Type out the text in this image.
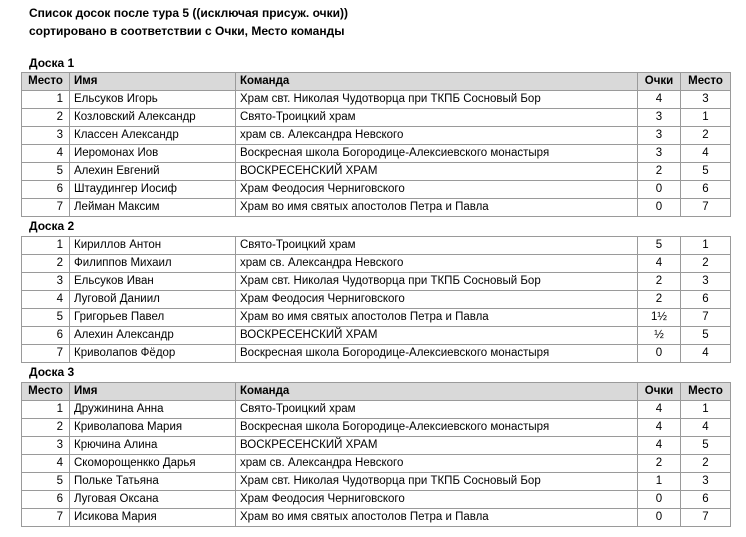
Список досок после тура 5 ((исключая присуж. очки))
сортировано в соответствии с Очки, Место команды
Доска 1
Место	Имя	Команда	Очки	Место
1	Ельсуков Игорь	Храм свт. Николая Чудотворца при ТКПБ Сосновый Бор	4	3
2	Козловский Александр	Свято-Троицкий храм	3	1
3	Классен Александр	храм св. Александра Невского	3	2
4	Иеромонах Иов	Воскресная школа Богородице-Алексиевского монастыря	3	4
5	Алехин Евгений	ВОСКРЕСЕНСКИЙ ХРАМ	2	5
6	Штаудингер Иосиф	Храм Феодосия Черниговского	0	6
7	Лейман Максим	Храм во имя святых апостолов Петра и Павла	0	7
Доска 2
1	Кириллов Антон	Свято-Троицкий храм	5	1
2	Филиппов Михаил	храм св. Александра Невского	4	2
3	Ельсуков Иван	Храм свт. Николая Чудотворца при ТКПБ Сосновый Бор	2	3
4	Луговой Даниил	Храм Феодосия Черниговского	2	6
5	Григорьев Павел	Храм во имя святых апостолов Петра и Павла	1½	7
6	Алехин Александр	ВОСКРЕСЕНСКИЙ ХРАМ	½	5
7	Криволапов Фёдор	Воскресная школа Богородице-Алексиевского монастыря	0	4
Доска 3
Место	Имя	Команда	Очки	Место
1	Дружинина Анна	Свято-Троицкий храм	4	1
2	Криволапова Мария	Воскресная школа Богородице-Алексиевского монастыря	4	4
3	Крючина Алина	ВОСКРЕСЕНСКИЙ ХРАМ	4	5
4	Скоморощенкко Дарья	храм св. Александра Невского	2	2
5	Польке Татьяна	Храм свт. Николая Чудотворца при ТКПБ Сосновый Бор	1	3
6	Луговая Оксана	Храм Феодосия Черниговского	0	6
7	Исикова Мария	Храм во имя святых апостолов Петра и Павла	0	7
